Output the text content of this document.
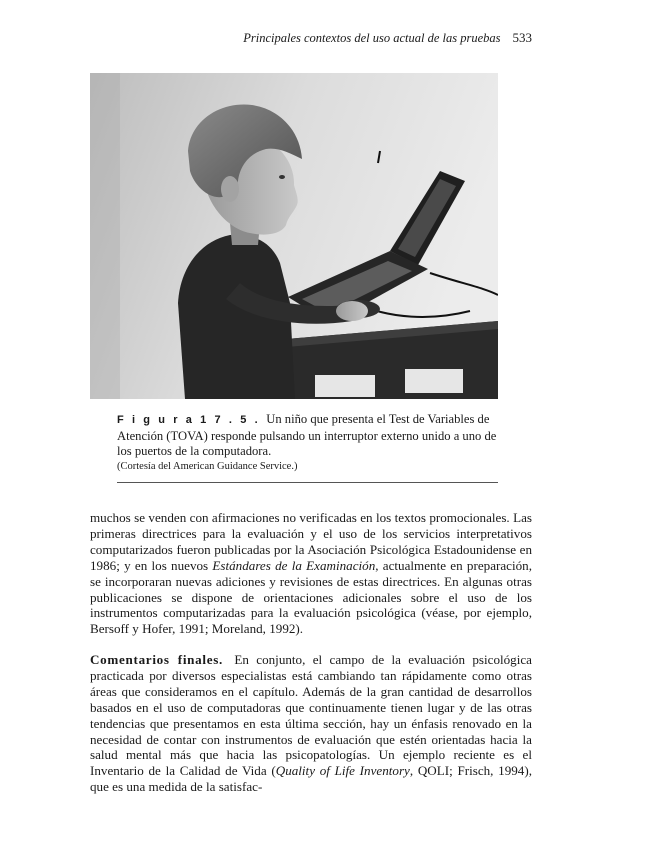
Principales contextos del uso actual de las pruebas 533
F i g u r a 1 7 . 5 . Un niño que presenta el Test de Variables de Atención (TOVA) responde pulsando un interruptor externo unido a uno de los puertos de la computadora.
(Cortesía del American Guidance Service.)

muchos se venden con afirmaciones no verificadas en los textos promocionales. Las primeras directrices para la evaluación y el uso de los servicios interpretativos computarizados fueron publicadas por la Asociación Psicológica Estadounidense en 1986; y en los nuevos Estándares de la Examinación, actualmente en preparación, se incorporaran nuevas adiciones y revisiones de estas directrices. En algunas otras publicaciones se dispone de orientaciones adicionales sobre el uso de los instrumentos computarizadas para la evaluación psicológica (véase, por ejemplo, Bersoff y Hofer, 1991; Moreland, 1992).

Comentarios finales. En conjunto, el campo de la evaluación psicológica practicada por diversos especialistas está cambiando tan rápidamente como otras áreas que consideramos en el capítulo. Además de la gran cantidad de desarrollos basados en el uso de computadoras que continuamente tienen lugar y de las otras tendencias que presentamos en esta última sección, hay un énfasis renovado en la necesidad de contar con instrumentos de evaluación que estén orientadas hacia la salud mental más que hacia las psicopatologías. Un ejemplo reciente es el Inventario de la Calidad de Vida (Quality of Life Inventory, QOLI; Frisch, 1994), que es una medida de la satisfac-
